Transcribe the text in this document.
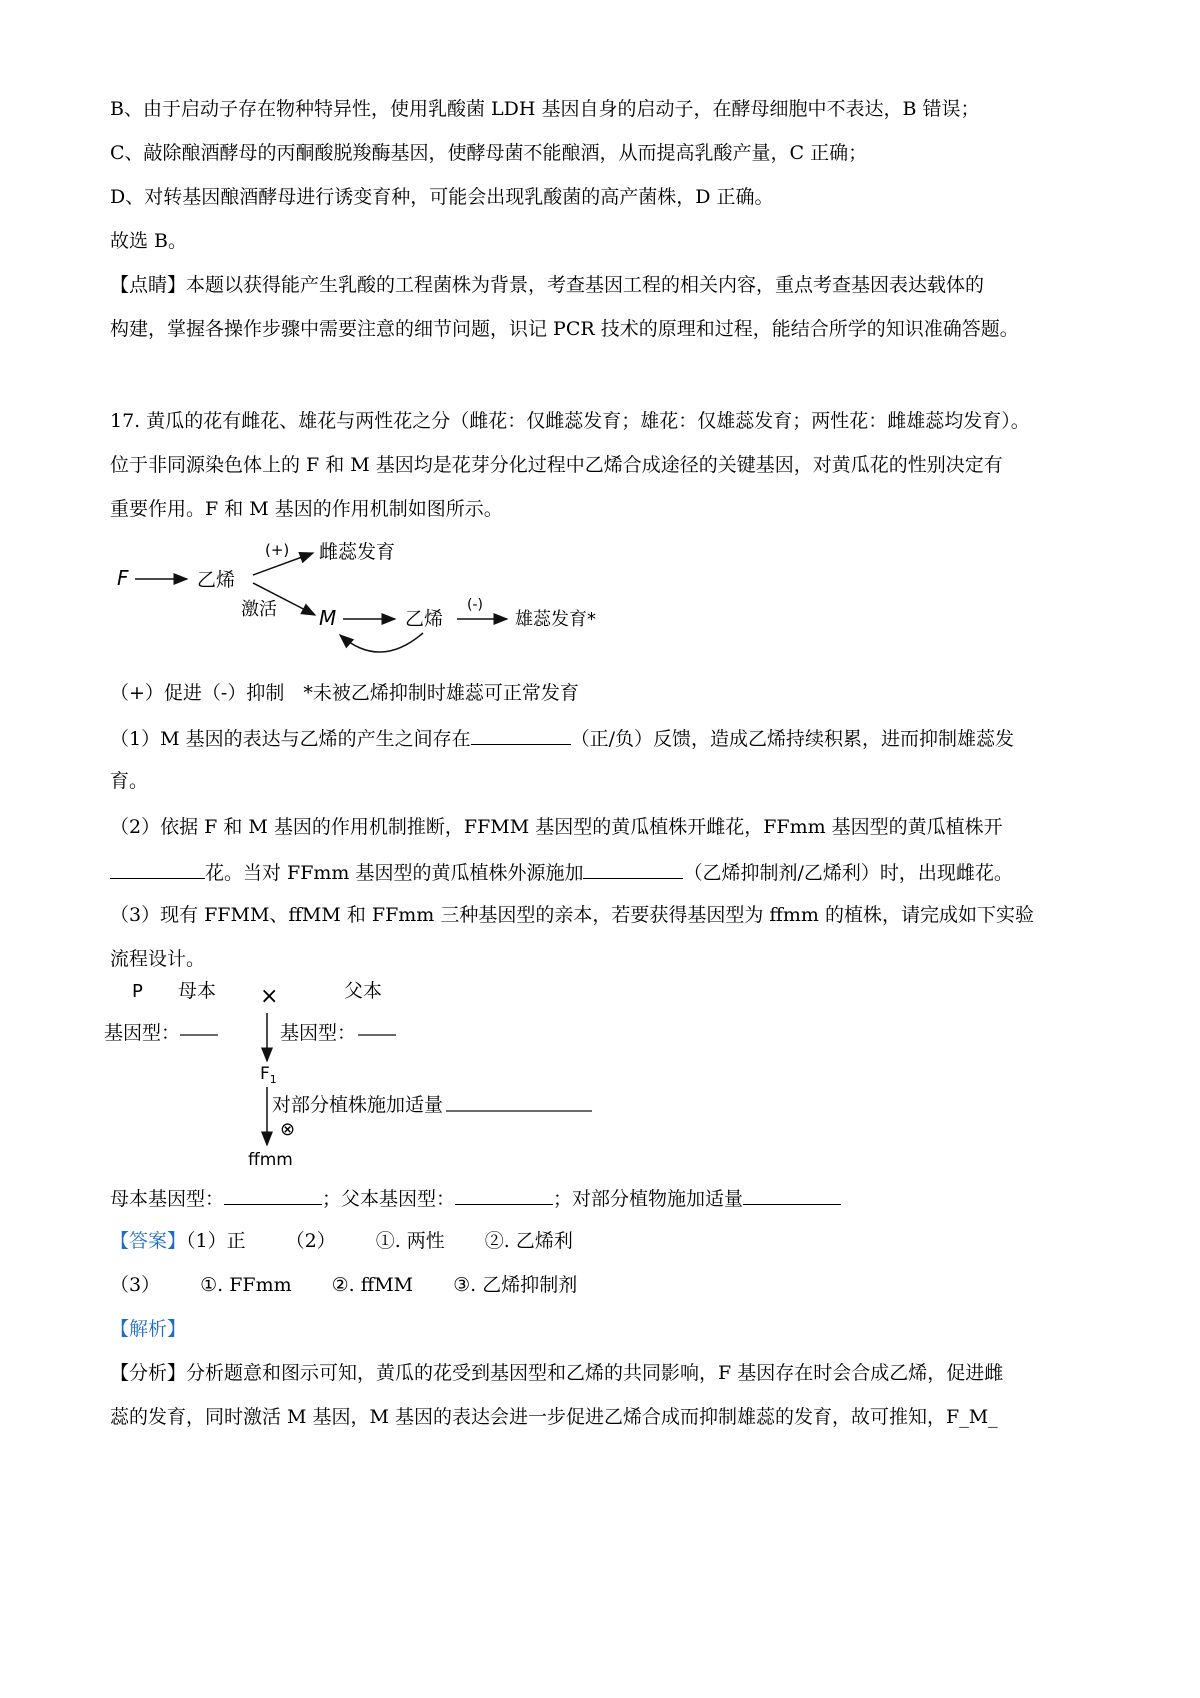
B、由于启动子存在物种特异性，使用乳酸菌 LDH 基因自身的启动子，在酵母细胞中不表达，B 错误；
C、敲除酿酒酵母的丙酮酸脱羧酶基因，使酵母菌不能酿酒，从而提高乳酸产量，C 正确；
D、对转基因酿酒酵母进行诱变育种，可能会出现乳酸菌的高产菌株，D 正确。
故选 B。
【点睛】本题以获得能产生乳酸的工程菌株为背景，考查基因工程的相关内容，重点考查基因表达载体的
构建，掌握各操作步骤中需要注意的细节问题，识记 PCR 技术的原理和过程，能结合所学的知识准确答题。
17. 黄瓜的花有雌花、雄花与两性花之分（雌花：仅雌蕊发育；雄花：仅雄蕊发育；两性花：雌雄蕊均发育）。
位于非同源染色体上的 F 和 M 基因均是花芽分化过程中乙烯合成途径的关键基因，对黄瓜花的性别决定有
重要作用。F 和 M 基因的作用机制如图所示。
F	乙烯
(+) 雌蕊发育
激活 M	乙烯
(-)
雄蕊发育*
（+）促进（-）抑制　*未被乙烯抑制时雄蕊可正常发育
（1）M 基因的表达与乙烯的产生之间存在	（正/负）反馈，造成乙烯持续积累，进而抑制雄蕊发
育。
（2）依据 F 和 M 基因的作用机制推断，FFMM 基因型的黄瓜植株开雌花，FFmm 基因型的黄瓜植株开
花。当对 FFmm 基因型的黄瓜植株外源施加	（乙烯抑制剂/乙烯利）时，出现雌花。
（3）现有 FFMM、ffMM 和 FFmm 三种基因型的亲本，若要获得基因型为 ffmm 的植株，请完成如下实验
流程设计。
P 母本 ×	父本
基因型：	基因型：
$F_1$
对部分植株施加适量
⊗
ffmm
母本基因型：	；父本基因型：	；对部分植物施加适量
【答案】（1）正 （2） ①. 两性 ②. 乙烯利
（3） ①. FFmm ②. ffMM ③. 乙烯抑制剂
【解析】
【分析】分析题意和图示可知，黄瓜的花受到基因型和乙烯的共同影响，F 基因存在时会合成乙烯，促进雌
蕊的发育，同时激活 M 基因，M 基因的表达会进一步促进乙烯合成而抑制雄蕊的发育，故可推知，F_M_
